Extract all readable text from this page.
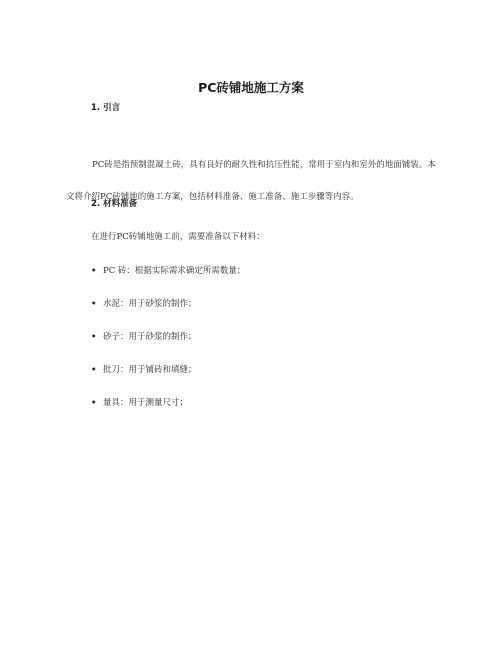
PC砖铺地施工方案
1. 引言
PC砖是指预制混凝土砖，具有良好的耐久性和抗压性能，常用于室内和室外的地面铺装。本文将介绍PC砖铺地的施工方案，包括材料准备、施工准备、施工步骤等内容。
2. 材料准备
在进行PC砖铺地施工前，需要准备以下材料：
• PC 砖：根据实际需求确定所需数量；
• 水泥：用于砂浆的制作；
• 砂子：用于砂浆的制作；
• 批刀：用于铺砖和填缝；
• 量具：用于测量尺寸；
